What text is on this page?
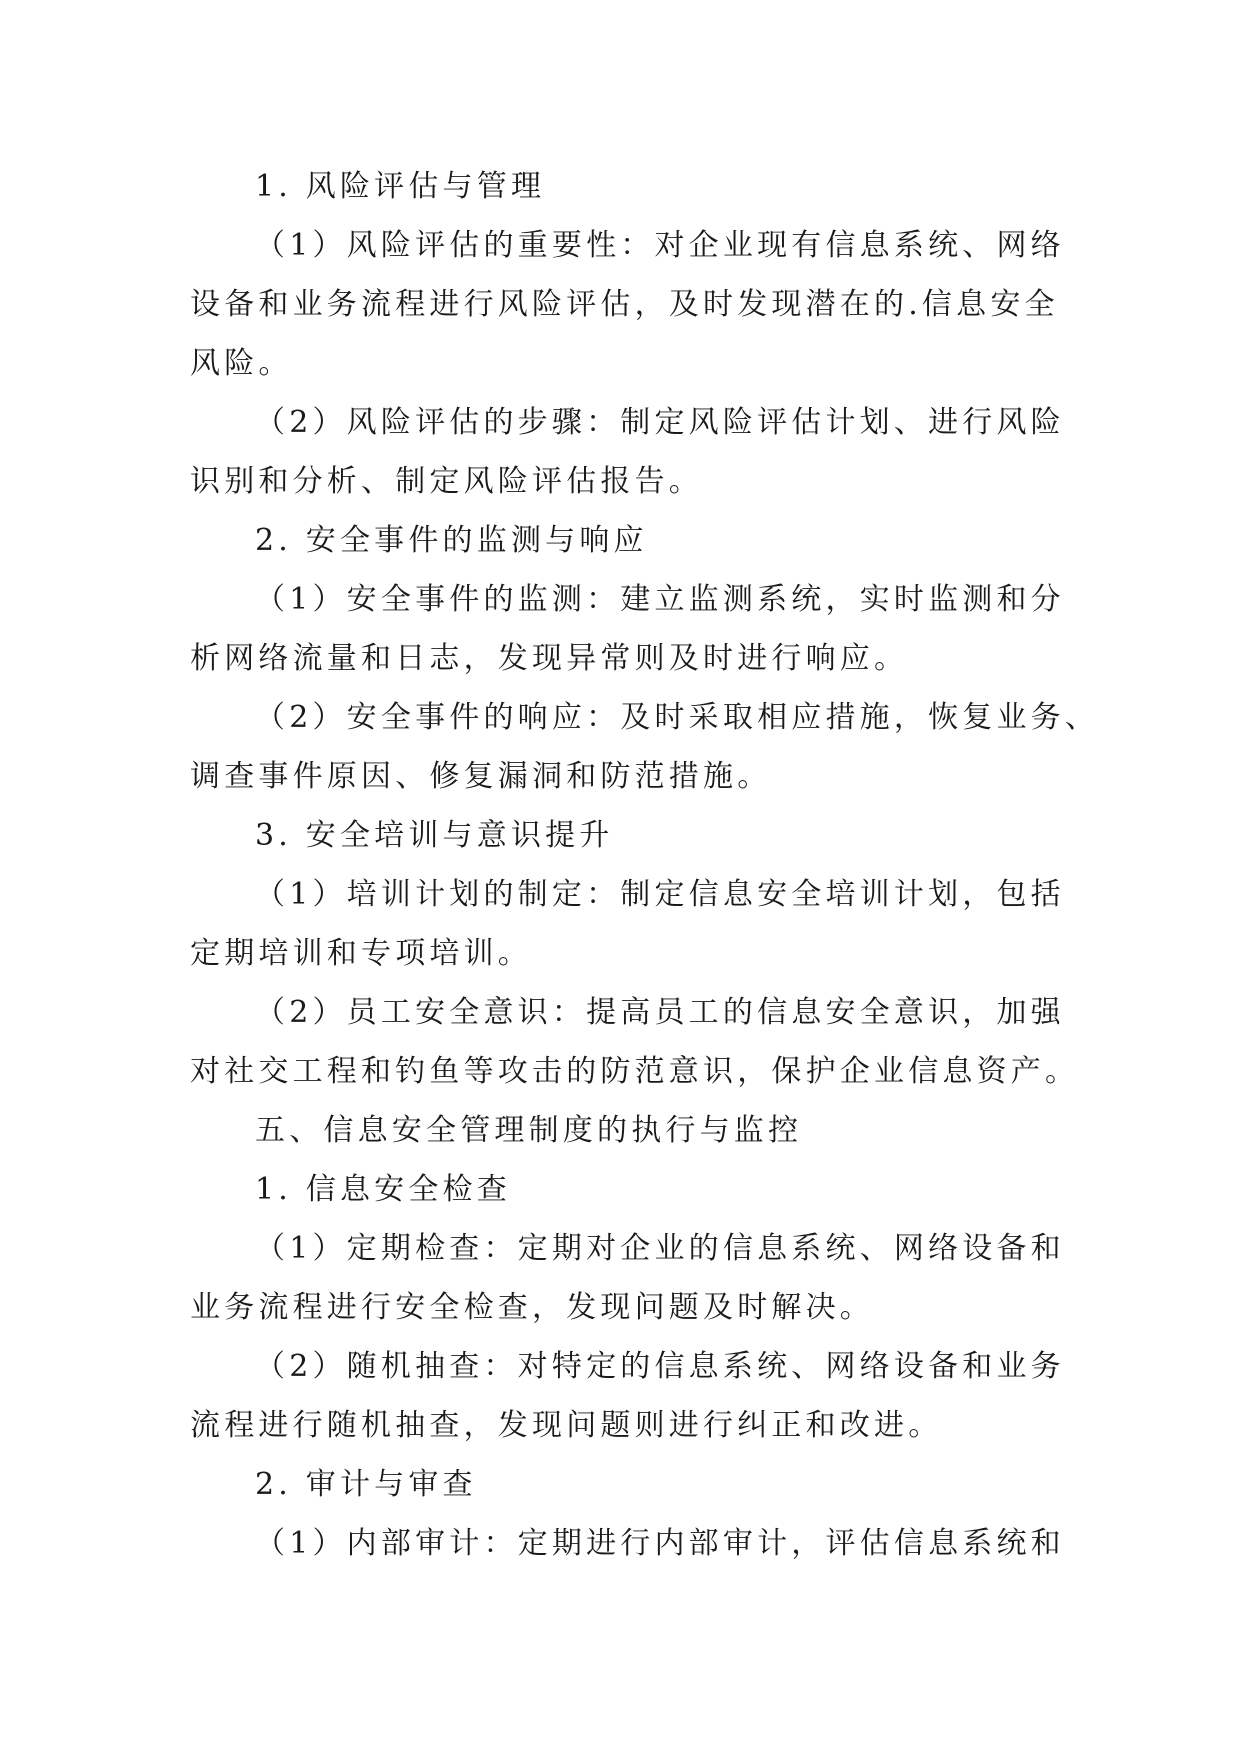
1. 风险评估与管理
（1）风险评估的重要性：对企业现有信息系统、网络
设备和业务流程进行风险评估，及时发现潜在的.信息安全
风险。
（2）风险评估的步骤：制定风险评估计划、进行风险
识别和分析、制定风险评估报告。
2. 安全事件的监测与响应
（1）安全事件的监测：建立监测系统，实时监测和分
析网络流量和日志，发现异常则及时进行响应。
（2）安全事件的响应：及时采取相应措施，恢复业务、
调查事件原因、修复漏洞和防范措施。
3. 安全培训与意识提升
（1）培训计划的制定：制定信息安全培训计划，包括
定期培训和专项培训。
（2）员工安全意识：提高员工的信息安全意识，加强
对社交工程和钓鱼等攻击的防范意识，保护企业信息资产。
五、信息安全管理制度的执行与监控
1. 信息安全检查
（1）定期检查：定期对企业的信息系统、网络设备和
业务流程进行安全检查，发现问题及时解决。
（2）随机抽查：对特定的信息系统、网络设备和业务
流程进行随机抽查，发现问题则进行纠正和改进。
2. 审计与审查
（1）内部审计：定期进行内部审计，评估信息系统和
